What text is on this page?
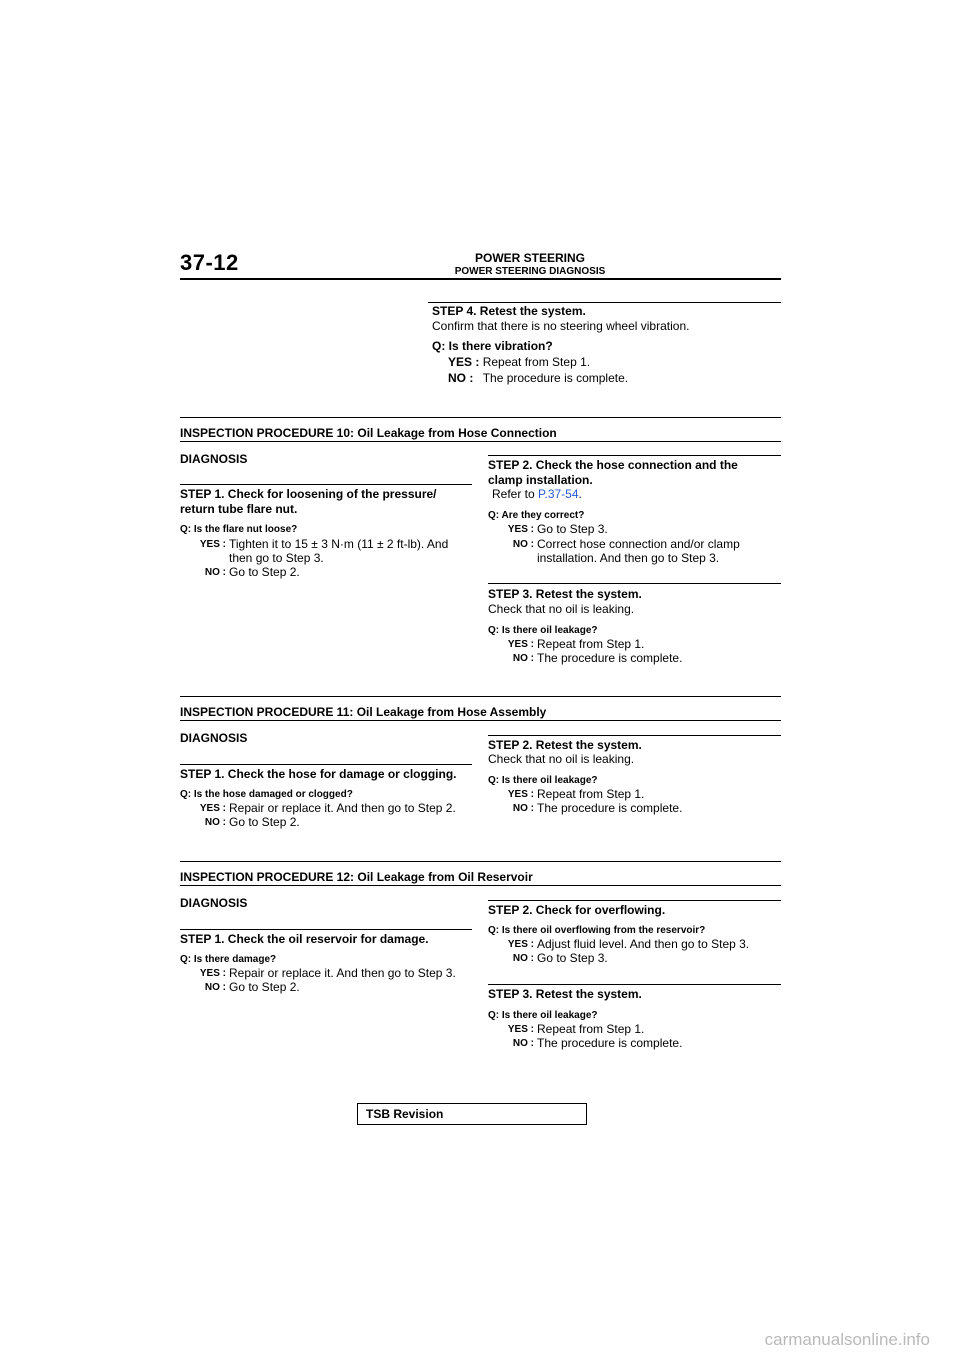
37-12	POWER STEERING
POWER STEERING DIAGNOSIS
STEP 4. Retest the system.
Confirm that there is no steering wheel vibration.
Q: Is there vibration?
YES : Repeat from Step 1.
NO : The procedure is complete.
INSPECTION PROCEDURE 10: Oil Leakage from Hose Connection
DIAGNOSIS
STEP 1. Check for loosening of the pressure/
return tube flare nut.
Q: Is the flare nut loose?
YES : Tighten it to 15 ± 3 N·m (11 ± 2 ft-lb). And
then go to Step 3.
NO : Go to Step 2.
STEP 2. Check the hose connection and the
clamp installation.
Refer to P.37-54.
Q: Are they correct?
YES : Go to Step 3.
NO : Correct hose connection and/or clamp
installation. And then go to Step 3.
STEP 3. Retest the system.
Check that no oil is leaking.
Q: Is there oil leakage?
YES : Repeat from Step 1.
NO : The procedure is complete.
INSPECTION PROCEDURE 11: Oil Leakage from Hose Assembly
DIAGNOSIS
STEP 1. Check the hose for damage or clogging.
Q: Is the hose damaged or clogged?
YES : Repair or replace it. And then go to Step 2.
NO : Go to Step 2.
STEP 2. Retest the system.
Check that no oil is leaking.
Q: Is there oil leakage?
YES : Repeat from Step 1.
NO : The procedure is complete.
INSPECTION PROCEDURE 12: Oil Leakage from Oil Reservoir
DIAGNOSIS
STEP 1. Check the oil reservoir for damage.
Q: Is there damage?
YES : Repair or replace it. And then go to Step 3.
NO : Go to Step 2.
STEP 2. Check for overflowing.
Q: Is there oil overflowing from the reservoir?
YES : Adjust fluid level. And then go to Step 3.
NO : Go to Step 3.
STEP 3. Retest the system.
Q: Is there oil leakage?
YES : Repeat from Step 1.
NO : The procedure is complete.
TSB Revision
carmanualsonline.info
